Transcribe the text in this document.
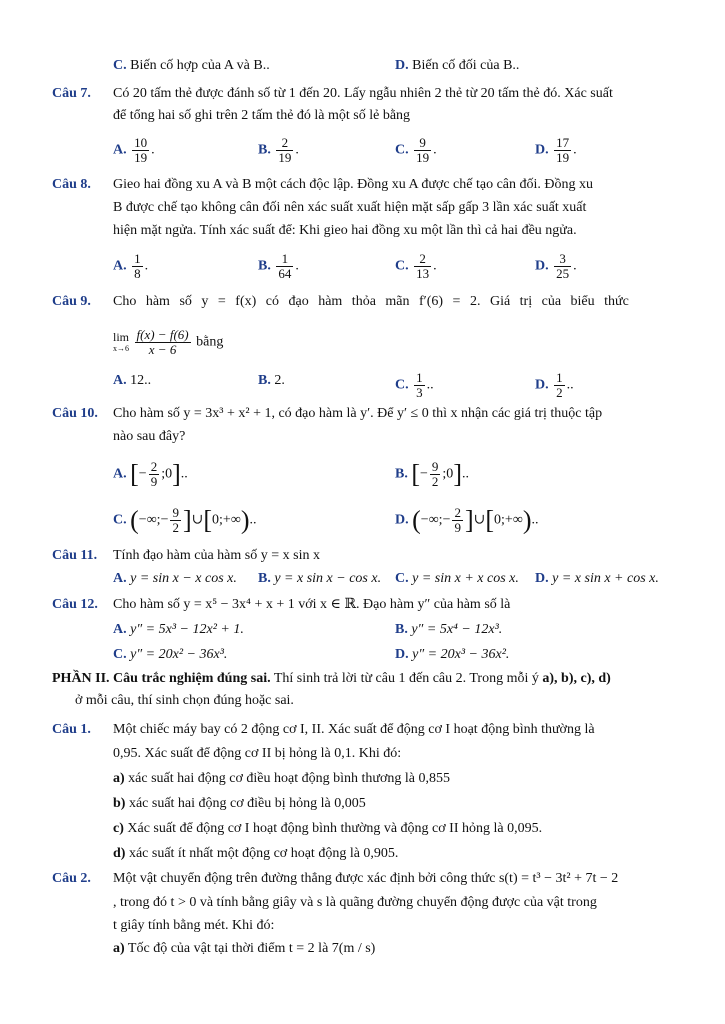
C. Biến cố hợp của A và B..	D. Biến cố đối của B..
Câu 7. Có 20 tấm thẻ được đánh số từ 1 đến 20. Lấy ngẫu nhiên 2 thẻ từ 20 tấm thẻ đó. Xác suất
để tổng hai số ghi trên 2 tấm thẻ đó là một số lẻ bằng
A. $\frac{10}{19}$ .	B. $\frac{2}{19}$ .	C. $\frac{9}{19}$ .	D. $\frac{17}{19}$ .
Câu 8. Gieo hai đồng xu A và B một cách độc lập. Đồng xu A được chế tạo cân đối. Đồng xu
B được chế tạo không cân đối nên xác suất xuất hiện mặt sấp gấp 3 lần xác suất xuất
hiện mặt ngửa. Tính xác suất để: Khi gieo hai đồng xu một lần thì cả hai đều ngửa.
A. $\frac{1}{8}$ .	B. $\frac{1}{64}$ .	C. $\frac{2}{13}$ .	D. $\frac{3}{25}$ .
Câu 9. Cho hàm số y = f(x) có đạo hàm thỏa mãn f′(6) = 2. Giá trị của biểu thức
lim
x→6
$\frac{f(x) - f(6)}{x - 6}$ bằng
A. 12..	B. 2.	C. $\frac{1}{3}$ ..	D. $\frac{1}{2}$ ..
Câu 10. Cho hàm số y = 3x³ + x² + 1, có đạo hàm là y′. Để y′ ≤ 0 thì x nhận các giá trị thuộc tập
nào sau đây?
A. [− $\frac{2}{9}$ ;0]..	B. [− $\frac{9}{2}$ ;0]..
C. (−∞;− $\frac{9}{2}$ ]∪[0;+∞)..	D. (−∞;− $\frac{2}{9}$ ]∪[0;+∞)..
Câu 11. Tính đạo hàm của hàm số y = x sin x
A. y = sin x − x cos x. B. y = x sin x − cos x. C. y = sin x + x cos x. D. y = x sin x + cos x.
Câu 12. Cho hàm số y = x⁵ − 3x⁴ + x + 1 với x ∈ ℝ. Đạo hàm y″ của hàm số là
A. y″ = 5x³ − 12x² + 1.	B. y″ = 5x⁴ − 12x³.
C. y″ = 20x² − 36x³.	D. y″ = 20x³ − 36x².
PHẦN II. Câu trắc nghiệm đúng sai. Thí sinh trả lời từ câu 1 đến câu 2. Trong mỗi ý a), b), c), d)
ở mỗi câu, thí sinh chọn đúng hoặc sai.
Câu 1. Một chiếc máy bay có 2 động cơ I, II. Xác suất để động cơ I hoạt động bình thường là
0,95. Xác suất để động cơ II bị hỏng là 0,1. Khi đó:
a) xác suất hai động cơ điều hoạt động bình thương là 0,855
b) xác suất hai động cơ điều bị hỏng là 0,005
c) Xác suất để động cơ I hoạt động bình thường và động cơ II hỏng là 0,095.
d) xác suất ít nhất một động cơ hoạt động là 0,905.
Câu 2. Một vật chuyển động trên đường thẳng được xác định bởi công thức s(t) = t³ − 3t² + 7t − 2
, trong đó t > 0 và tính bằng giây và s là quãng đường chuyển động được của vật trong
t giây tính bằng mét. Khi đó:
a) Tốc độ của vật tại thời điểm t = 2 là 7(m / s)
